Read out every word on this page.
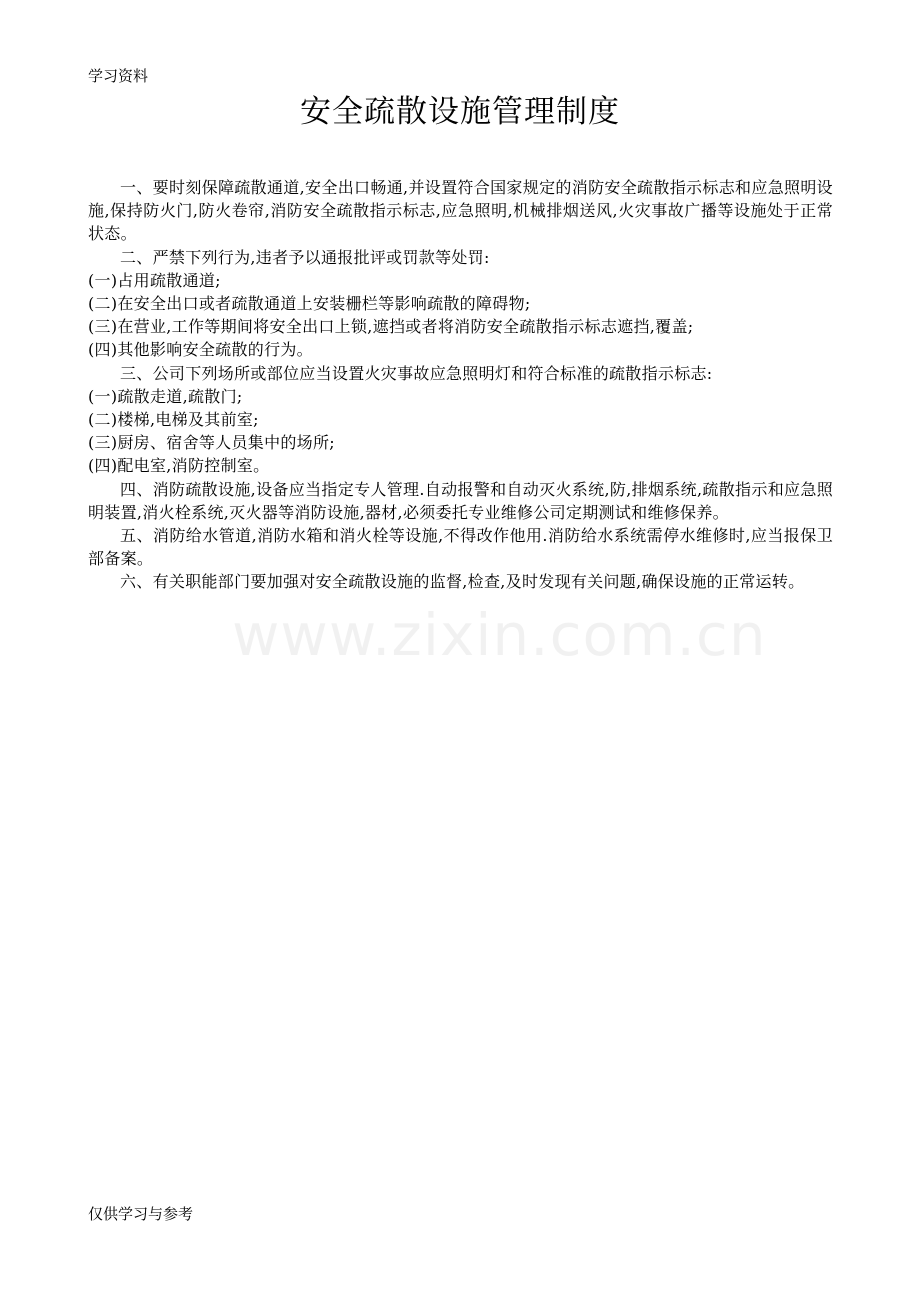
学习资料
安全疏散设施管理制度

一、要时刻保障疏散通道,安全出口畅通,并设置符合国家规定的消防安全疏散指示标志和应急照明设施,保持防火门,防火卷帘,消防安全疏散指示标志,应急照明,机械排烟送风,火灾事故广播等设施处于正常状态。

二、严禁下列行为,违者予以通报批评或罚款等处罚:

(一)占用疏散通道;

(二)在安全出口或者疏散通道上安装栅栏等影响疏散的障碍物;

(三)在营业,工作等期间将安全出口上锁,遮挡或者将消防安全疏散指示标志遮挡,覆盖;

(四)其他影响安全疏散的行为。

三、公司下列场所或部位应当设置火灾事故应急照明灯和符合标准的疏散指示标志:

(一)疏散走道,疏散门;

(二)楼梯,电梯及其前室;

(三)厨房、宿舍等人员集中的场所;

(四)配电室,消防控制室。

四、消防疏散设施,设备应当指定专人管理.自动报警和自动灭火系统,防,排烟系统,疏散指示和应急照明装置,消火栓系统,灭火器等消防设施,器材,必须委托专业维修公司定期测试和维修保养。

五、消防给水管道,消防水箱和消火栓等设施,不得改作他用.消防给水系统需停水维修时,应当报保卫部备案。

六、有关职能部门要加强对安全疏散设施的监督,检查,及时发现有关问题,确保设施的正常运转。

www.zixin.com.cn
仅供学习与参考
